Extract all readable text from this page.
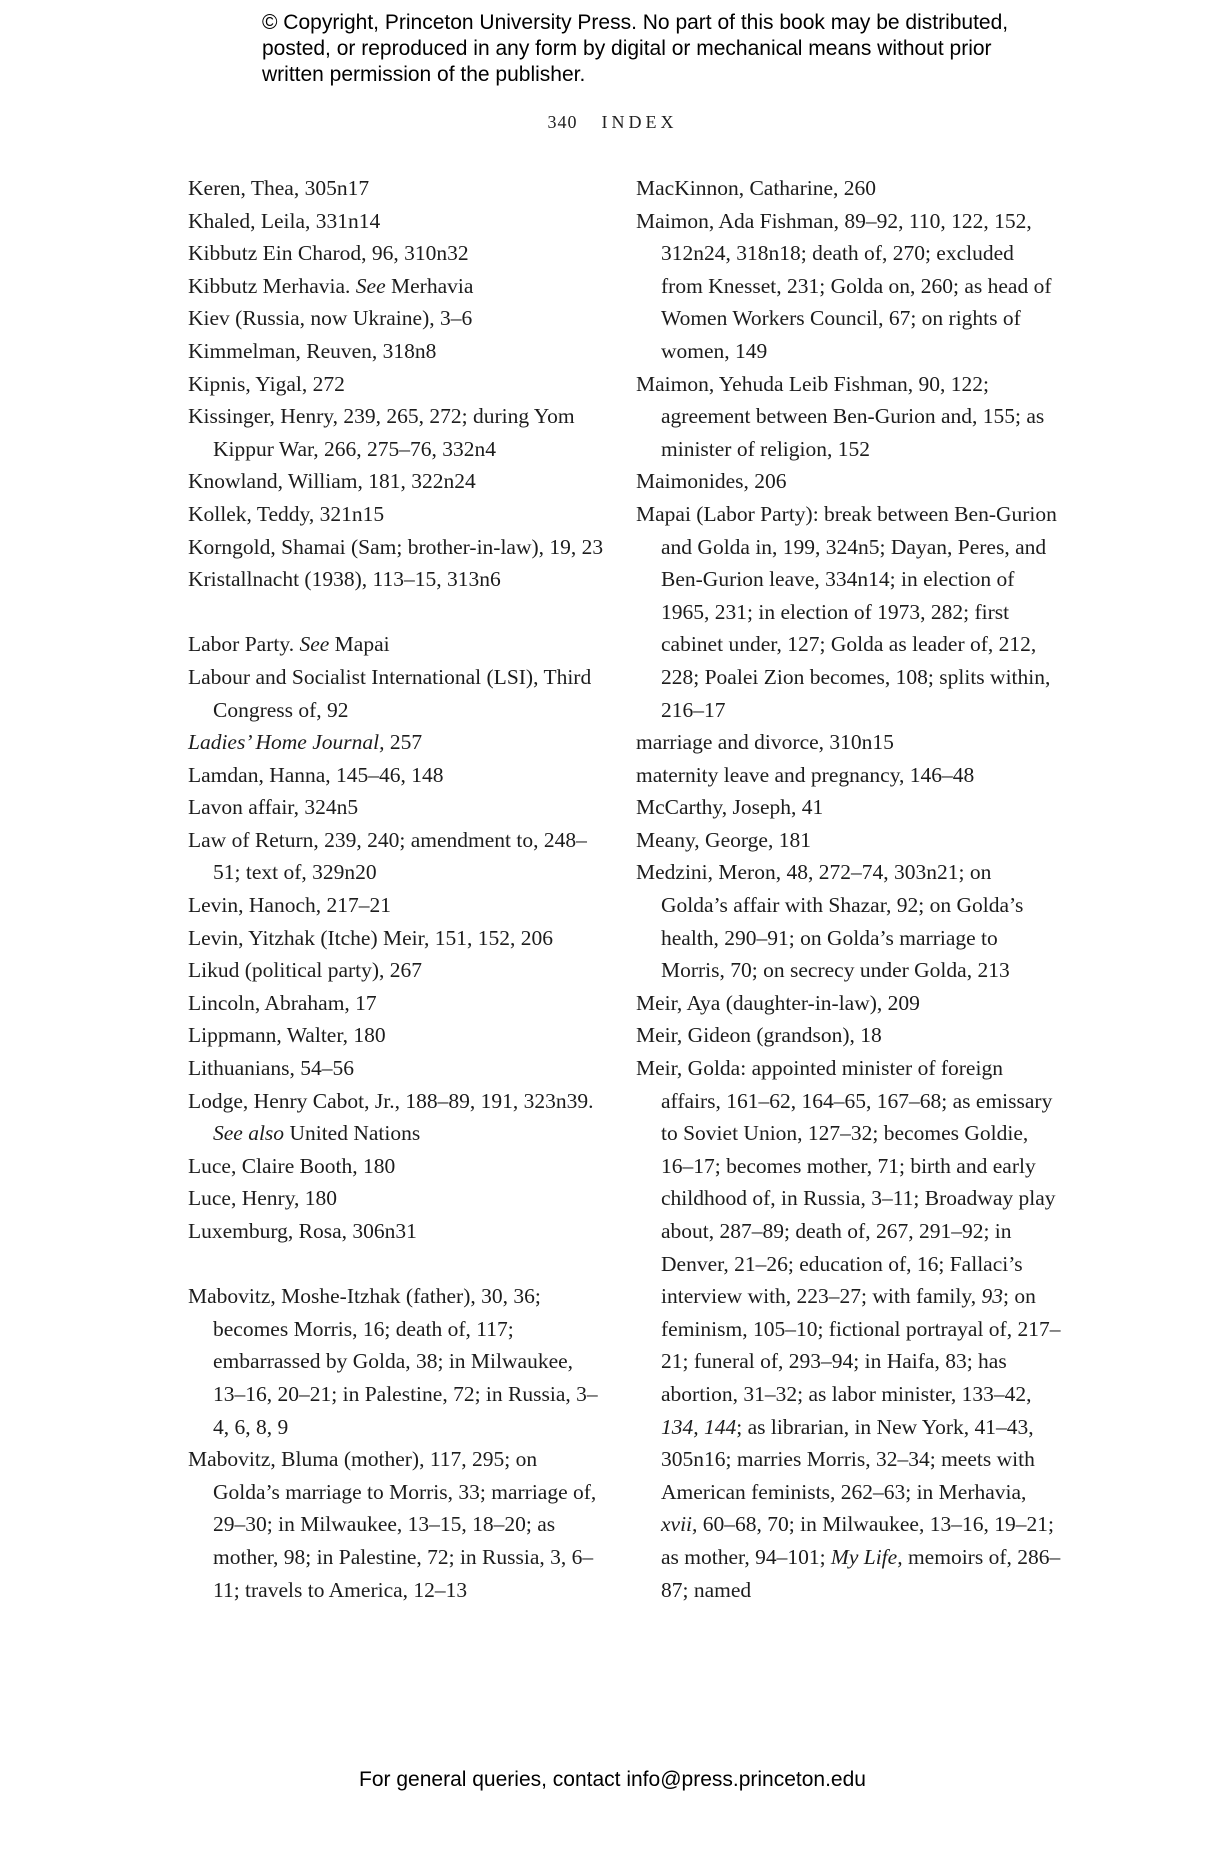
© Copyright, Princeton University Press. No part of this book may be distributed, posted, or reproduced in any form by digital or mechanical means without prior written permission of the publisher.
340 INDEX
Keren, Thea, 305n17
Khaled, Leila, 331n14
Kibbutz Ein Charod, 96, 310n32
Kibbutz Merhavia. See Merhavia
Kiev (Russia, now Ukraine), 3–6
Kimmelman, Reuven, 318n8
Kipnis, Yigal, 272
Kissinger, Henry, 239, 265, 272; during Yom Kippur War, 266, 275–76, 332n4
Knowland, William, 181, 322n24
Kollek, Teddy, 321n15
Korngold, Shamai (Sam; brother-in-law), 19, 23
Kristallnacht (1938), 113–15, 313n6
Labor Party. See Mapai
Labour and Socialist International (LSI), Third Congress of, 92
Ladies’ Home Journal, 257
Lamdan, Hanna, 145–46, 148
Lavon affair, 324n5
Law of Return, 239, 240; amendment to, 248–51; text of, 329n20
Levin, Hanoch, 217–21
Levin, Yitzhak (Itche) Meir, 151, 152, 206
Likud (political party), 267
Lincoln, Abraham, 17
Lippmann, Walter, 180
Lithuanians, 54–56
Lodge, Henry Cabot, Jr., 188–89, 191, 323n39. See also United Nations
Luce, Claire Booth, 180
Luce, Henry, 180
Luxemburg, Rosa, 306n31
Mabovitz, Moshe-Itzhak (father), 30, 36; becomes Morris, 16; death of, 117; embarrassed by Golda, 38; in Milwaukee, 13–16, 20–21; in Palestine, 72; in Russia, 3–4, 6, 8, 9
Mabovitz, Bluma (mother), 117, 295; on Golda’s marriage to Morris, 33; marriage of, 29–30; in Milwaukee, 13–15, 18–20; as mother, 98; in Palestine, 72; in Russia, 3, 6–11; travels to America, 12–13
MacKinnon, Catharine, 260
Maimon, Ada Fishman, 89–92, 110, 122, 152, 312n24, 318n18; death of, 270; excluded from Knesset, 231; Golda on, 260; as head of Women Workers Council, 67; on rights of women, 149
Maimon, Yehuda Leib Fishman, 90, 122; agreement between Ben-Gurion and, 155; as minister of religion, 152
Maimonides, 206
Mapai (Labor Party): break between Ben-Gurion and Golda in, 199, 324n5; Dayan, Peres, and Ben-Gurion leave, 334n14; in election of 1965, 231; in election of 1973, 282; first cabinet under, 127; Golda as leader of, 212, 228; Poalei Zion becomes, 108; splits within, 216–17
marriage and divorce, 310n15
maternity leave and pregnancy, 146–48
McCarthy, Joseph, 41
Meany, George, 181
Medzini, Meron, 48, 272–74, 303n21; on Golda’s affair with Shazar, 92; on Golda’s health, 290–91; on Golda’s marriage to Morris, 70; on secrecy under Golda, 213
Meir, Aya (daughter-in-law), 209
Meir, Gideon (grandson), 18
Meir, Golda: appointed minister of foreign affairs, 161–62, 164–65, 167–68; as emissary to Soviet Union, 127–32; becomes Goldie, 16–17; becomes mother, 71; birth and early childhood of, in Russia, 3–11; Broadway play about, 287–89; death of, 267, 291–92; in Denver, 21–26; education of, 16; Fallaci’s interview with, 223–27; with family, 93; on feminism, 105–10; fictional portrayal of, 217–21; funeral of, 293–94; in Haifa, 83; has abortion, 31–32; as labor minister, 133–42, 134, 144; as librarian, in New York, 41–43, 305n16; marries Morris, 32–34; meets with American feminists, 262–63; in Merhavia, xvii, 60–68, 70; in Milwaukee, 13–16, 19–21; as mother, 94–101; My Life, memoirs of, 286–87; named
For general queries, contact info@press.princeton.edu
